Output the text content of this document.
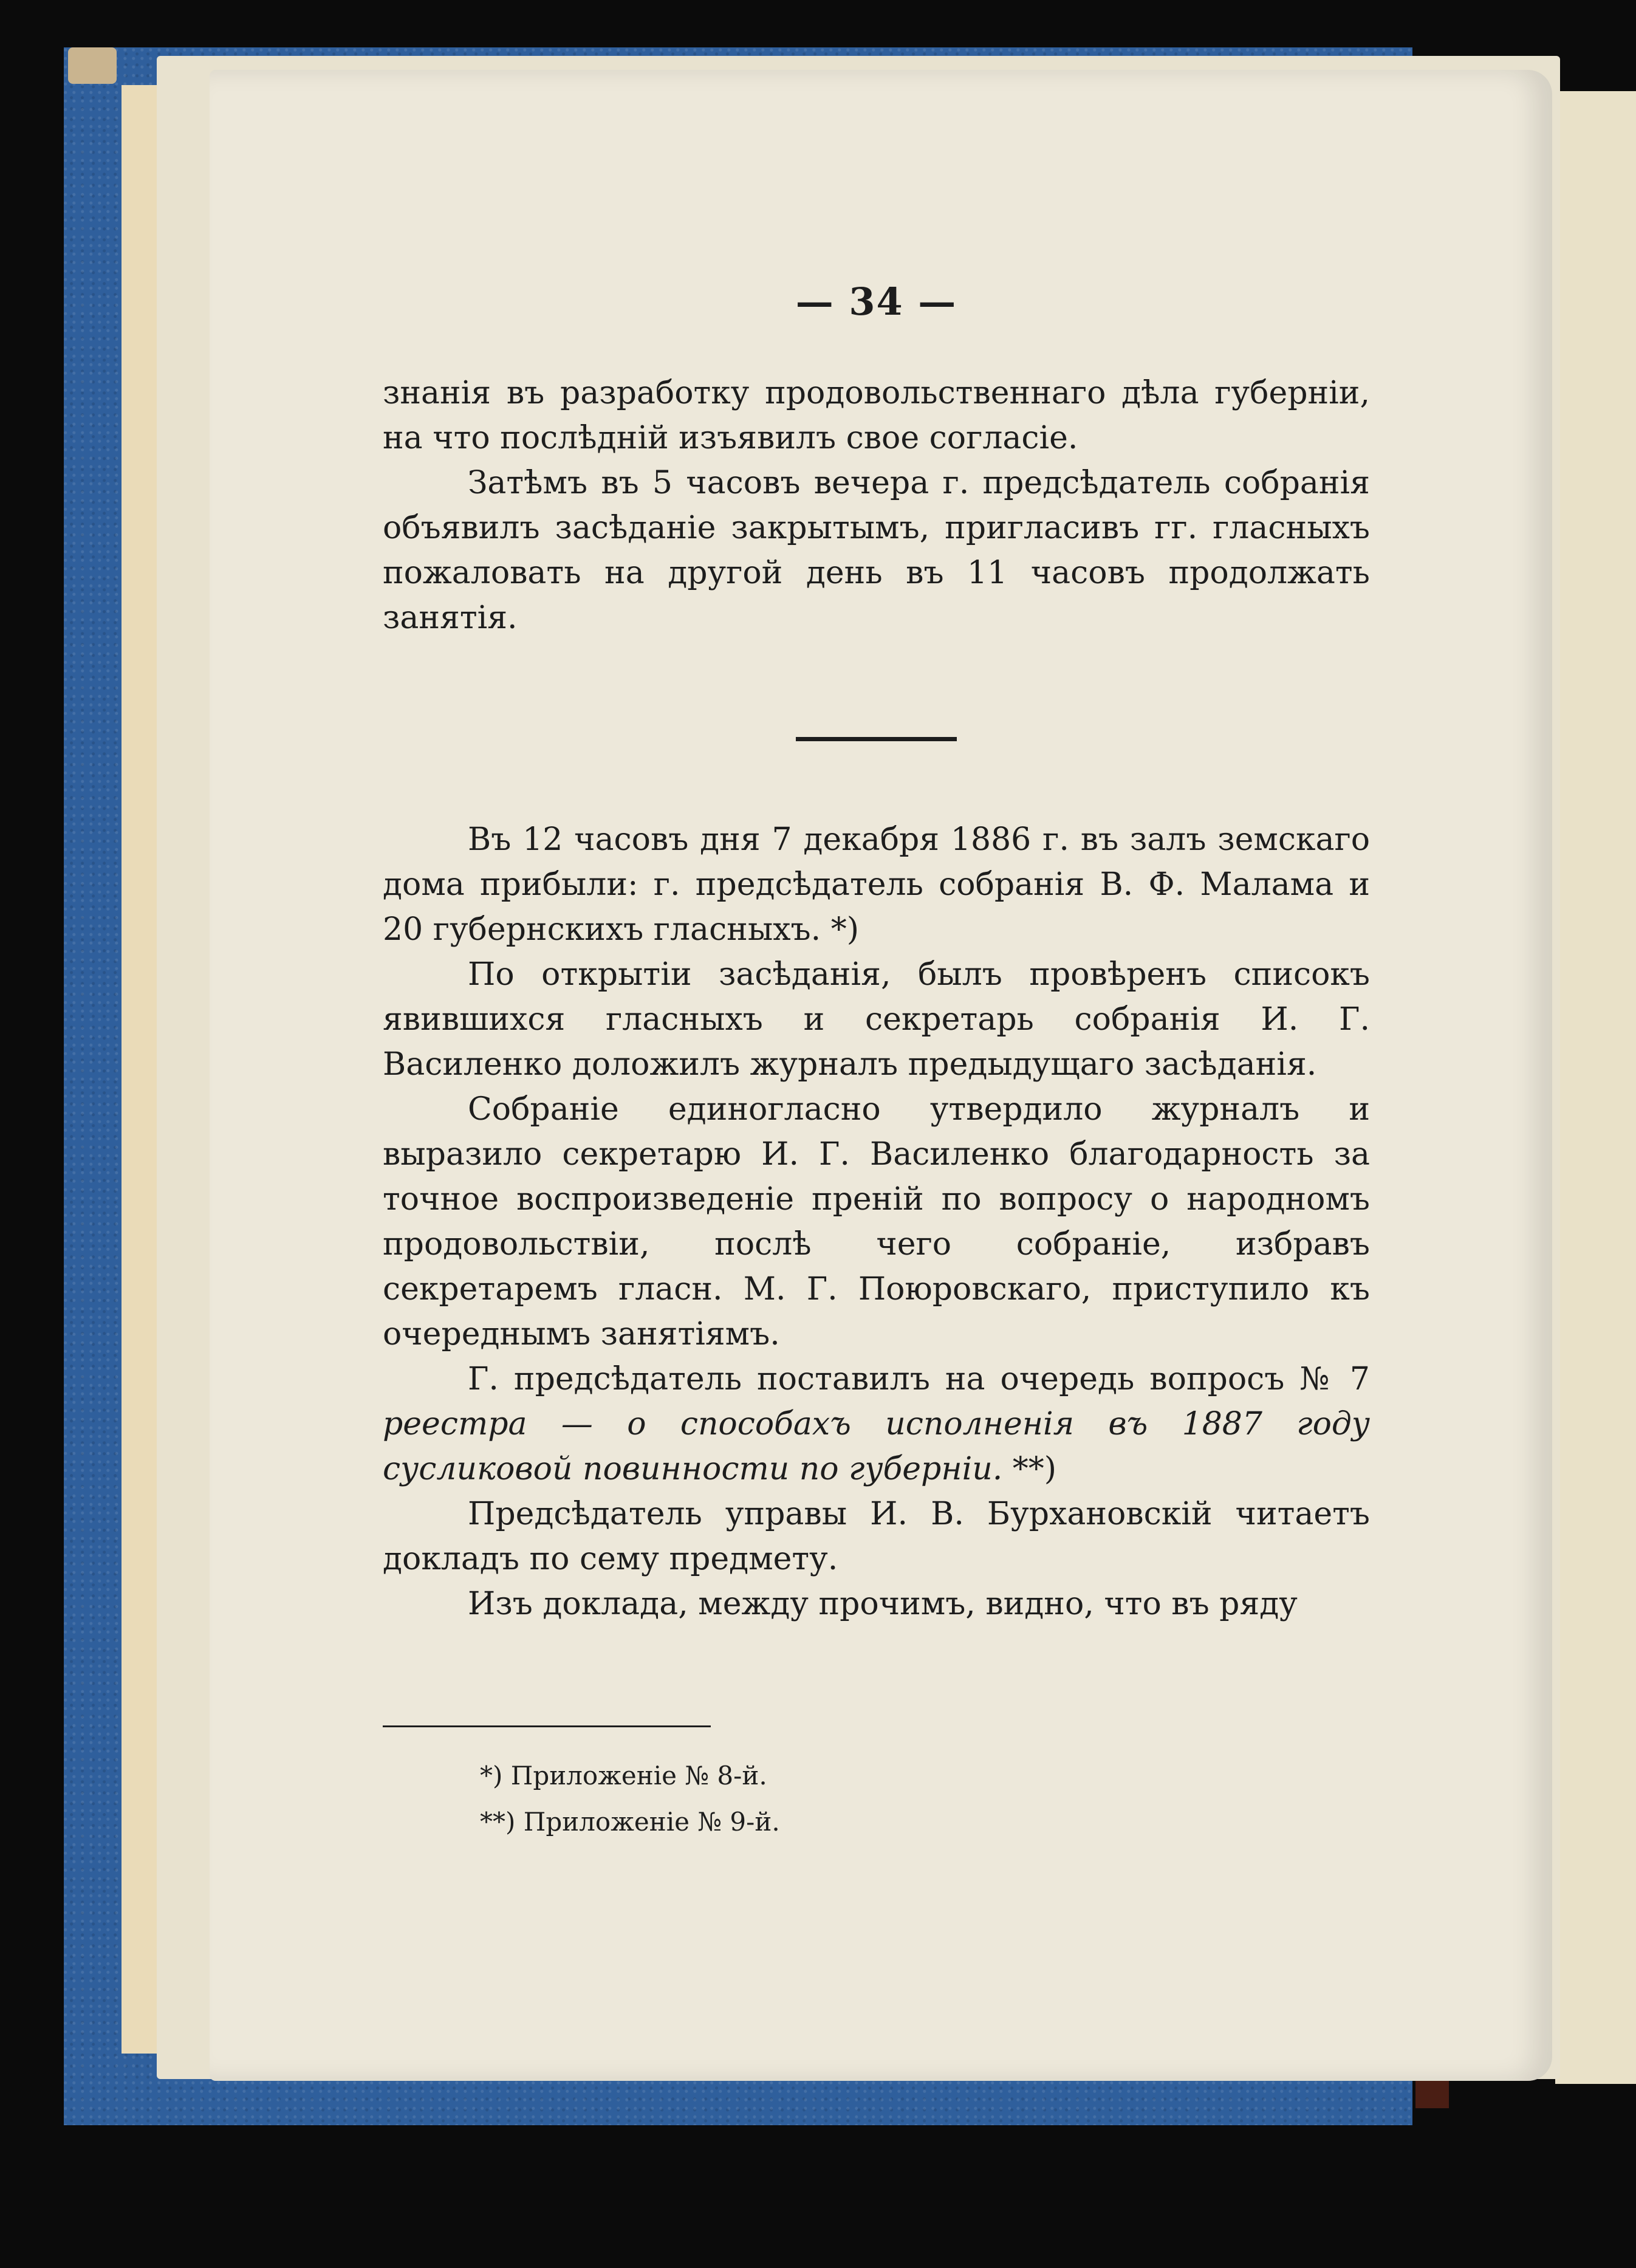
— 34 —

знанія въ разработку продовольственнаго дѣла губерніи, на что послѣдній изъявилъ свое согласіе.

Затѣмъ въ 5 часовъ вечера г. предсѣдатель собранія объявилъ засѣданіе закрытымъ, пригласивъ гг. гласныхъ пожаловать на другой день въ 11 часовъ продолжать занятія.

Въ 12 часовъ дня 7 декабря 1886 г. въ залъ земскаго дома прибыли: г. предсѣдатель собранія В. Ф. Малама и 20 губернскихъ гласныхъ. *)

По открытіи засѣданія, былъ провѣренъ списокъ явившихся гласныхъ и секретарь собранія И. Г. Василенко доложилъ журналъ предыдущаго засѣданія.

Собраніе единогласно утвердило журналъ и выразило секретарю И. Г. Василенко благодарность за точное воспроизведеніе преній по вопросу о народномъ продовольствіи, послѣ чего собраніе, избравъ секретаремъ гласн. М. Г. Поюровскаго, приступило къ очереднымъ занятіямъ.

Г. предсѣдатель поставилъ на очередь вопросъ № 7 реестра — о способахъ исполненія въ 1887 году сусликовой повинности по губерніи. **)

Предсѣдатель управы И. В. Бурхановскій читаетъ докладъ по сему предмету.

Изъ доклада, между прочимъ, видно, что въ ряду

*) Приложеніе № 8-й.
**) Приложеніе № 9-й.
